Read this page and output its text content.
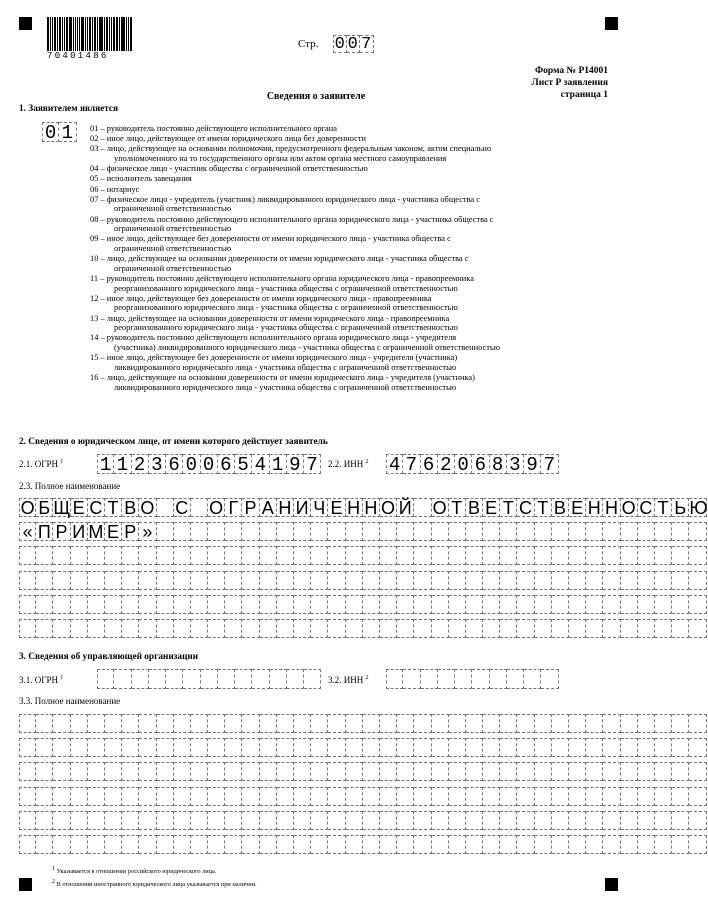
70401486
Стр. 0 0 7
Форма № Р14001
Лист Р заявления
страница 1
Сведения о заявителе
1. Заявителем является
0 1	01 – руководитель постоянно действующего исполнительного органа
02 – иное лицо, действующее от имени юридического лица без доверенности
03 – лицо, действующее на основании полномочия, предусмотренного федеральным законом, актом специально
уполномоченного на то государственного органа или актом органа местного самоуправления
04 – физическое лицо - участник общества с ограниченной ответственностью
05 – исполнитель завещания
06 – нотариус
07 – физическое лицо - учредитель (участник) ликвидированного юридического лица - участника общества с
ограниченной ответственностью
08 – руководитель постоянно действующего исполнительного органа юридического лица - участника общества с
ограниченной ответственностью
09 – иное лицо, действующее без доверенности от имени юридического лица - участника общества с
ограниченной ответственностью
10 – лицо, действующее на основании доверенности от имени юридического лица - участника общества с
ограниченной ответственностью
11 – руководитель постоянно действующего исполнительного органа юридического лица - правопреемника
реорганизованного юридического лица - участника общества с ограниченной ответственностью
12 – иное лицо, действующее без доверенности от имени юридического лица - правопреемника
реорганизованного юридического лица - участника общества с ограниченной ответственностью
13 – лицо, действующее на основании доверенности от имени юридического лица - правопреемника
реорганизованного юридического лица - участника общества с ограниченной ответственностью
14 – руководитель постоянно действующего исполнительного органа юридического лица - учредителя
(участника) ликвидированного юридического лица - участника общества с ограниченной ответственностью
15 – иное лицо, действующее без доверенности от имени юридического лица - учредителя (участника)
ликвидированного юридического лица - участника общества с ограниченной ответственностью
16 – лицо, действующее на основании доверенности от имени юридического лица - учредителя (участника)
ликвидированного юридического лица - участника общества с ограниченной ответственностью
2. Сведения о юридическом лице, от имени которого действует заявитель
2.1. ОГРН $^1$ 1 1 2 3 6 0 0 6 5 4 1 9 7	2.2. ИНН $^2$ 4 7 6 2 0 6 8 3 9 7
2.3. Полное наименование
О Б Щ Е С Т В О С О Г Р А Н И Ч Е Н Н О Й О Т В Е Т С Т В Е Н Н О С Т Ь Ю
« П Р И М Е Р »
3. Сведения об управляющей организации
3.1. ОГРН $^1$	3.2. ИНН $^2$
3.3. Полное наименование
$^1$ Указывается в отношении российского юридического лица.
$^2$ В отношении иностранного юридического лица указывается при наличии.
